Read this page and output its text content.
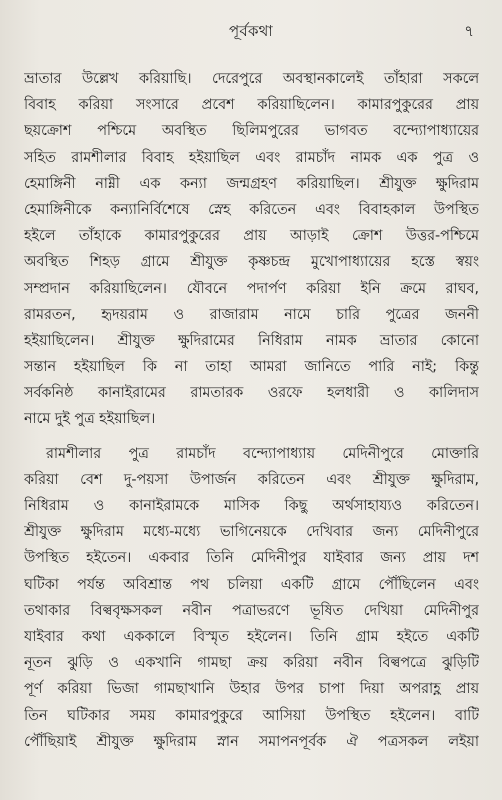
পূর্বকথা	৭

ভ্রাতার উল্লেখ করিয়াছি। দেরেপুরে অবস্থানকালেই তাঁহারা সকলে
বিবাহ করিয়া সংসারে প্রবেশ করিয়াছিলেন। কামারপুকুরের প্রায়
ছয়ক্রোশ পশ্চিমে অবস্থিত ছিলিমপুরের ভাগবত বন্দ্যোপাধ্যায়ের
সহিত রামশীলার বিবাহ হইয়াছিল এবং রামচাঁদ নামক এক পুত্র ও
হেমাঙ্গিনী নাম্নী এক কন্যা জন্মগ্রহণ করিয়াছিল। শ্রীযুক্ত ক্ষুদিরাম
হেমাঙ্গিনীকে কন্যানির্বিশেষে স্নেহ করিতেন এবং বিবাহকাল উপস্থিত
হইলে তাঁহাকে কামারপুকুরের প্রায় আড়াই ক্রোশ উত্তর-পশ্চিমে
অবস্থিত শিহড় গ্রামে শ্রীযুক্ত কৃষ্ণচন্দ্র মুখোপাধ্যায়ের হস্তে স্বয়ং
সম্প্রদান করিয়াছিলেন। যৌবনে পদার্পণ করিয়া ইনি ক্রমে রাঘব,
রামরতন, হৃদয়রাম ও রাজারাম নামে চারি পুত্রের জননী
হইয়াছিলেন। শ্রীযুক্ত ক্ষুদিরামের নিধিরাম নামক ভ্রাতার কোনো
সন্তান হইয়াছিল কি না তাহা আমরা জানিতে পারি নাই; কিন্তু
সর্বকনিষ্ঠ কানাইরামের রামতারক ওরফে হলধারী ও কালিদাস
নামে দুই পুত্র হইয়াছিল।

রামশীলার পুত্র রামচাঁদ বন্দ্যোপাধ্যায় মেদিনীপুরে মোক্তারি
করিয়া বেশ দু-পয়সা উপার্জন করিতেন এবং শ্রীযুক্ত ক্ষুদিরাম,
নিধিরাম ও কানাইরামকে মাসিক কিছু অর্থসাহায্যও করিতেন।
শ্রীযুক্ত ক্ষুদিরাম মধ্যে-মধ্যে ভাগিনেয়কে দেখিবার জন্য মেদিনীপুরে
উপস্থিত হইতেন। একবার তিনি মেদিনীপুর যাইবার জন্য প্রায় দশ
ঘটিকা পর্যন্ত অবিশ্রান্ত পথ চলিয়া একটি গ্রামে পৌঁছিলেন এবং
তথাকার বিল্ববৃক্ষসকল নবীন পত্রাভরণে ভূষিত দেখিয়া মেদিনীপুর
যাইবার কথা এককালে বিস্মৃত হইলেন। তিনি গ্রাম হইতে একটি
নূতন ঝুড়ি ও একখানি গামছা ক্রয় করিয়া নবীন বিল্বপত্রে ঝুড়িটি
পূর্ণ করিয়া ভিজা গামছাখানি উহার উপর চাপা দিয়া অপরাহ্ণ প্রায়
তিন ঘটিকার সময় কামারপুকুরে আসিয়া উপস্থিত হইলেন। বাটি
পৌঁছিয়াই শ্রীযুক্ত ক্ষুদিরাম স্নান সমাপনপূর্বক ঐ পত্রসকল লইয়া
